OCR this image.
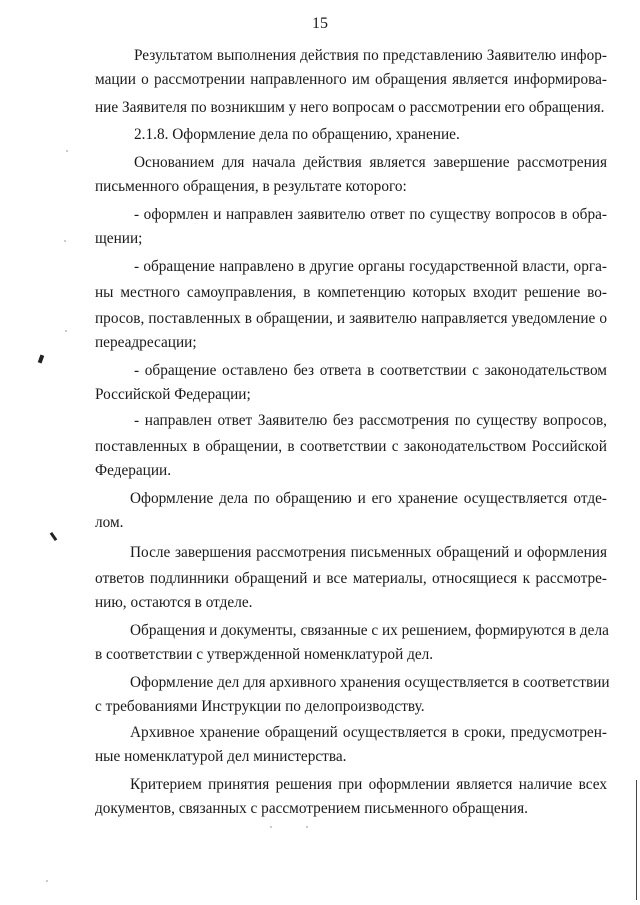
15
Результатом выполнения действия по представлению Заявителю инфор-
мации о рассмотрении направленного им обращения является информирова-
ние Заявителя по возникшим у него вопросам о рассмотрении его обращения.
2.1.8. Оформление дела по обращению, хранение.
Основанием для начала действия является завершение рассмотрения
письменного обращения, в результате которого:
- оформлен и направлен заявителю ответ по существу вопросов в обра-
щении;
- обращение направлено в другие органы государственной власти, орга-
ны местного самоуправления, в компетенцию которых входит решение во-
просов, поставленных в обращении, и заявителю направляется уведомление о
переадресации;
- обращение оставлено без ответа в соответствии с законодательством
Российской Федерации;
- направлен ответ Заявителю без рассмотрения по существу вопросов,
поставленных в обращении, в соответствии с законодательством Российской
Федерации.
Оформление дела по обращению и его хранение осуществляется отде-
лом.
После завершения рассмотрения письменных обращений и оформления
ответов подлинники обращений и все материалы, относящиеся к рассмотре-
нию, остаются в отделе.
Обращения и документы, связанные с их решением, формируются в дела
в соответствии с утвержденной номенклатурой дел.
Оформление дел для архивного хранения осуществляется в соответствии
с требованиями Инструкции по делопроизводству.
Архивное хранение обращений осуществляется в сроки, предусмотрен-
ные номенклатурой дел министерства.
Критерием принятия решения при оформлении является наличие всех
документов, связанных с рассмотрением письменного обращения.
